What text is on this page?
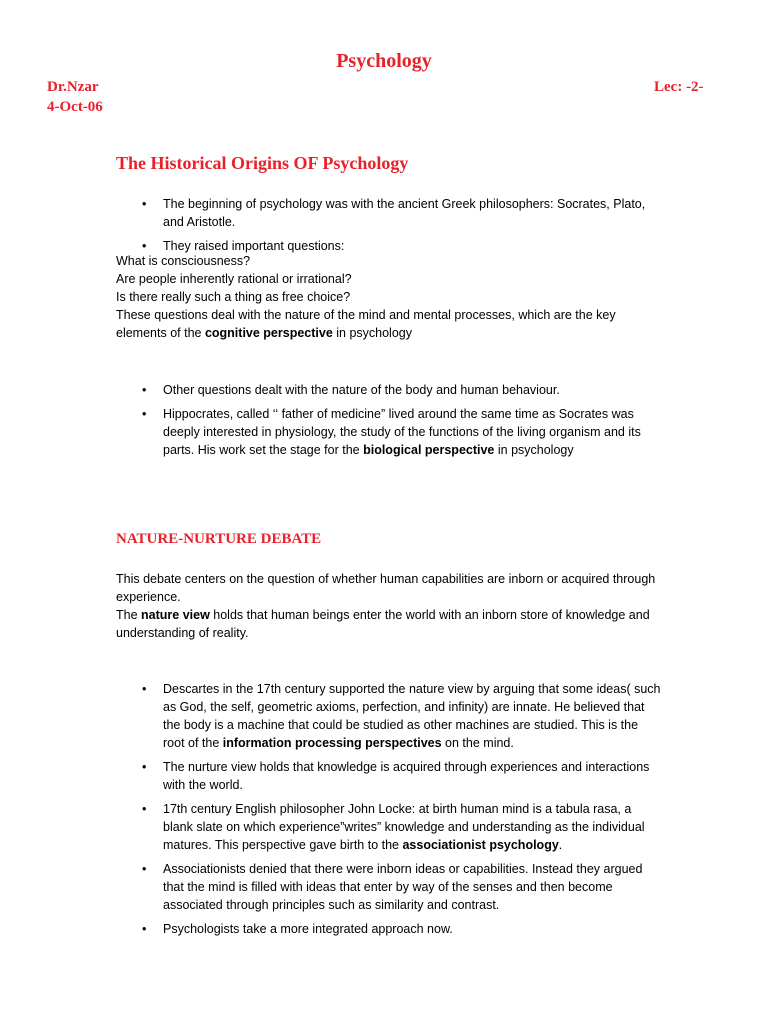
Psychology
Dr.Nzar
4-Oct-06
Lec: -2-
The Historical Origins OF Psychology
• The beginning of psychology was with the ancient Greek philosophers: Socrates, Plato, and Aristotle.
• They raised important questions:

What is consciousness?

Are people inherently rational or irrational?

Is there really such a thing as free choice?

These questions deal with the nature of the mind and mental processes, which are the key elements of the cognitive perspective in psychology

• Other questions dealt with the nature of the body and human behaviour.
• Hippocrates, called ‘‘ father of medicine” lived around the same time as Socrates was deeply interested in physiology, the study of the functions of the living organism and its parts. His work set the stage for the biological perspective in psychology
NATURE-NURTURE DEBATE

This debate centers on the question of whether human capabilities are inborn or acquired through experience.

The nature view holds that human beings enter the world with an inborn store of knowledge and understanding of reality.

• Descartes in the 17th century supported the nature view by arguing that some ideas( such as God, the self, geometric axioms, perfection, and infinity) are innate. He believed that the body is a machine that could be studied as other machines are studied. This is the root of the information processing perspectives on the mind.
• The nurture view holds that knowledge is acquired through experiences and interactions with the world.
• 17th century English philosopher John Locke: at birth human mind is a tabula rasa, a blank slate on which experience”writes” knowledge and understanding as the individual matures. This perspective gave birth to the associationist psychology.
• Associationists denied that there were inborn ideas or capabilities. Instead they argued that the mind is filled with ideas that enter by way of the senses and then become associated through principles such as similarity and contrast.
• Psychologists take a more integrated approach now.
